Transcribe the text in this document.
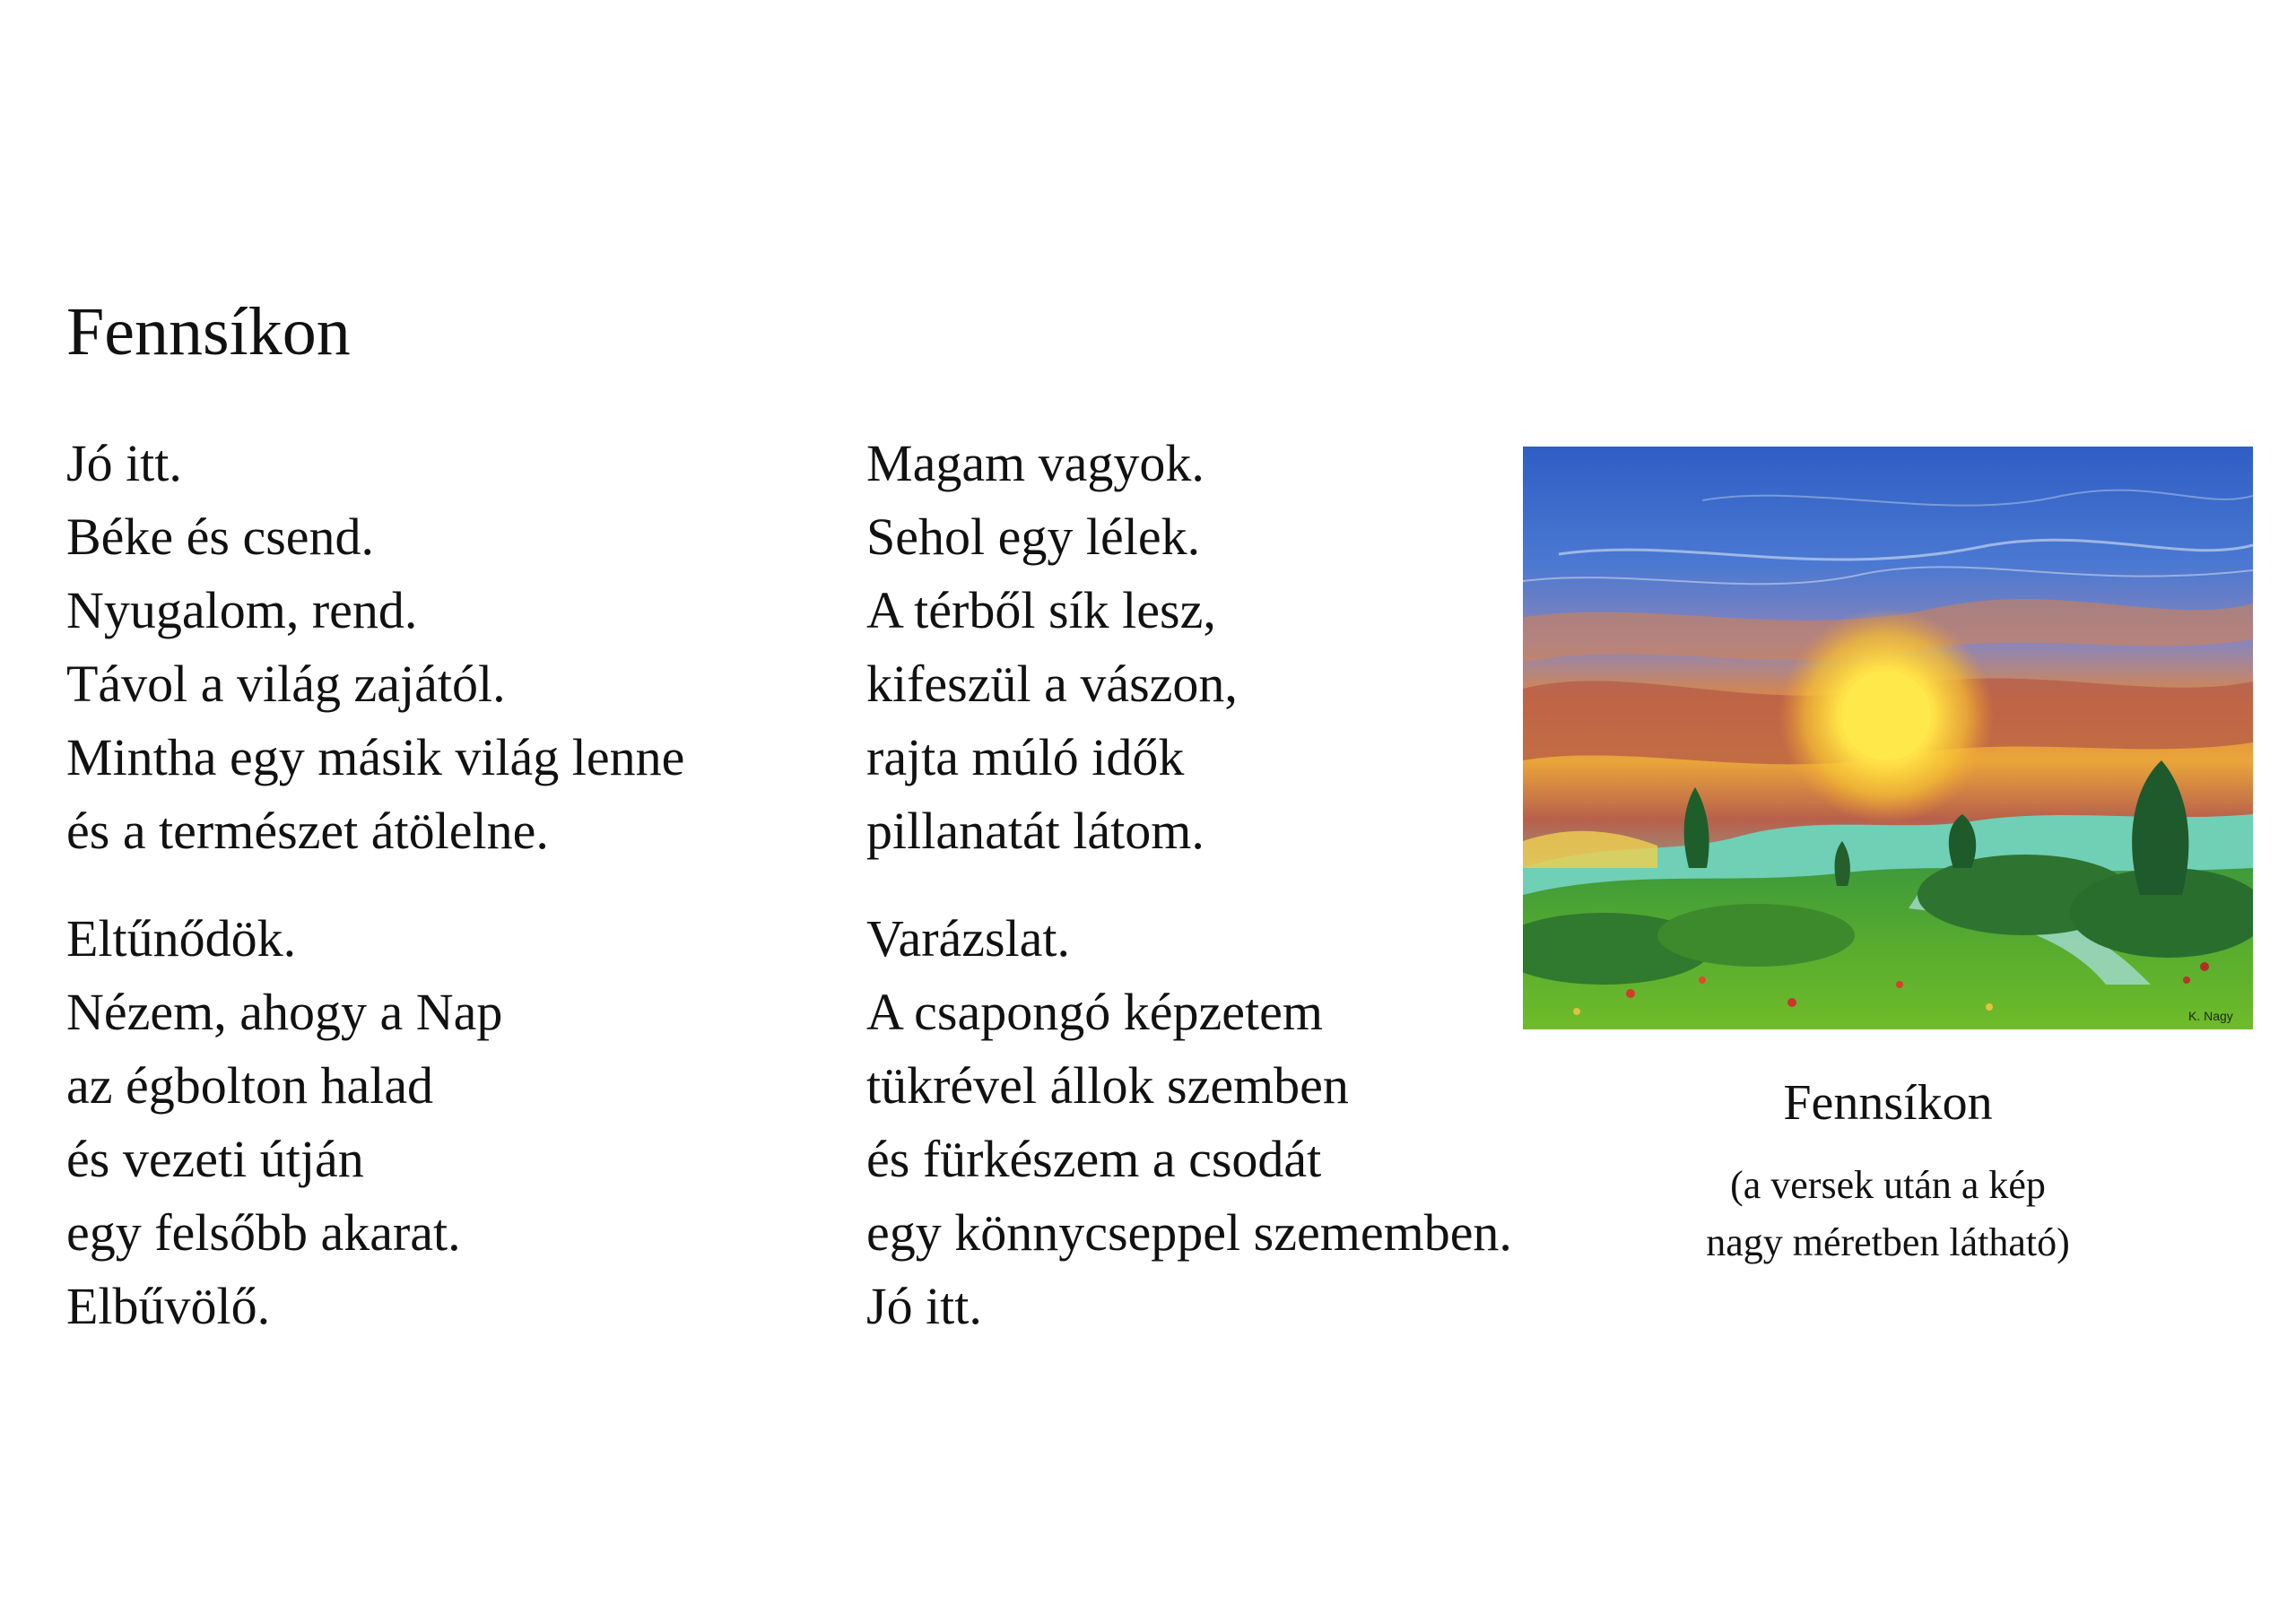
Fennsíkon

Jó itt.
Béke és csend.
Nyugalom, rend.
Távol a világ zajától.
Mintha egy másik világ lenne
és a természet átölelne.

Eltűnődök.
Nézem, ahogy a Nap
az égbolton halad
és vezeti útján
egy felsőbb akarat.
Elbűvölő.

Magam vagyok.
Sehol egy lélek.
A térből sík lesz,
kifeszül a vászon,
rajta múló idők
pillanatát látom.

Varázslat.
A csapongó képzetem
tükrével állok szemben
és fürkészem a csodát
egy könnycseppel szememben.
Jó itt.

K. Nagy
Fennsíkon
(a versek után a kép
nagy méretben látható)
